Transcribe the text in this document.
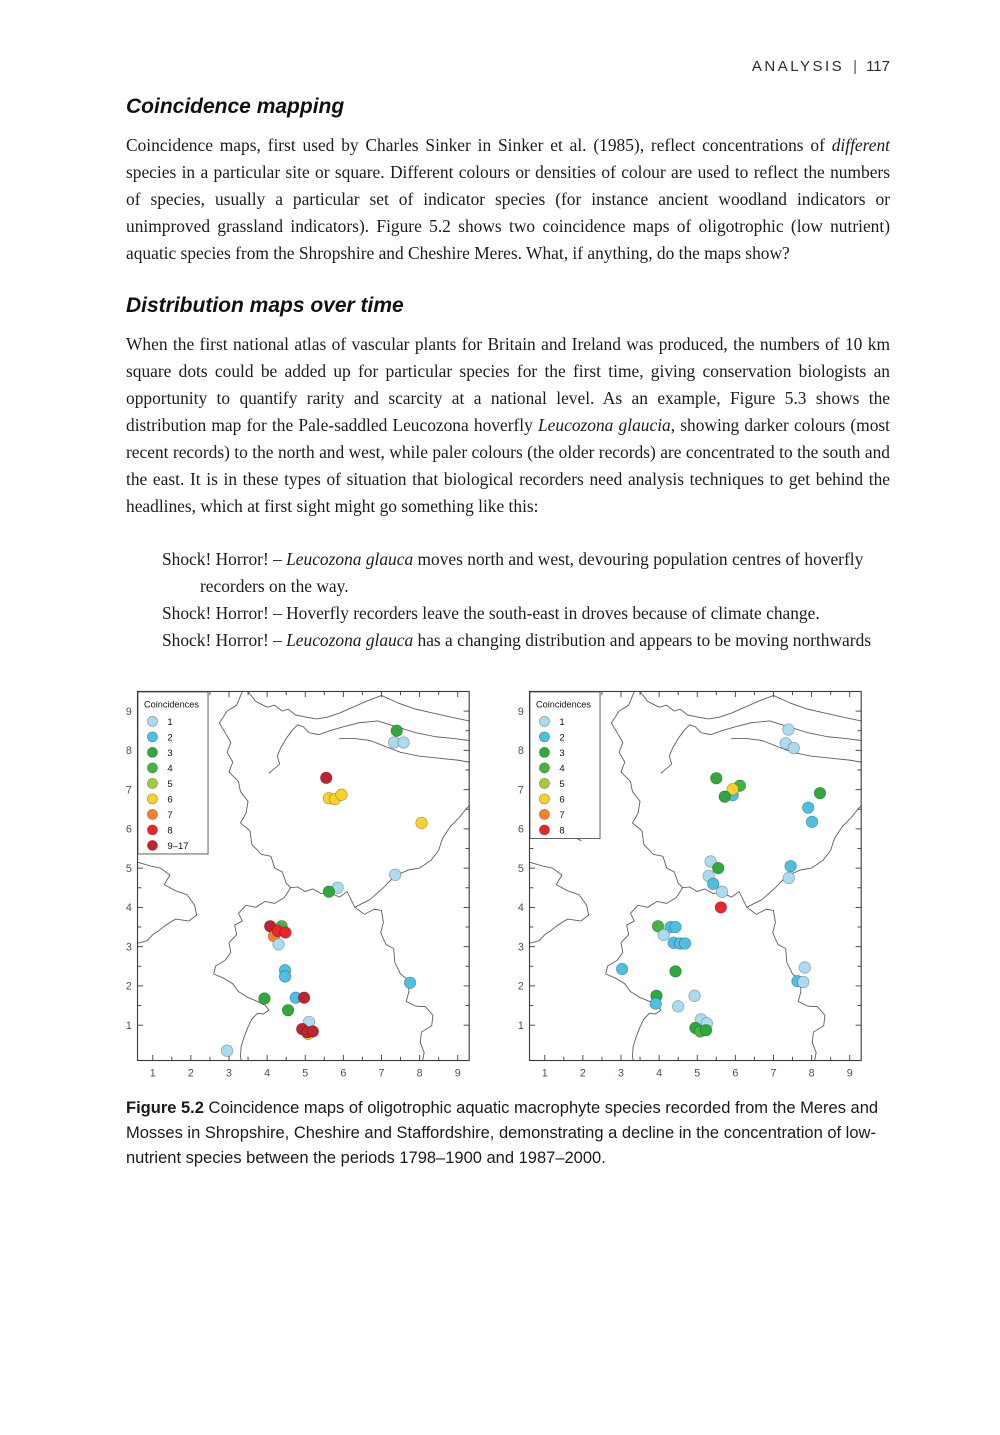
ANALYSIS | 117
Coincidence mapping

Coincidence maps, first used by Charles Sinker in Sinker et al. (1985), reflect concentrations of different species in a particular site or square. Different colours or densities of colour are used to reflect the numbers of species, usually a particular set of indicator species (for instance ancient woodland indicators or unimproved grassland indicators). Figure 5.2 shows two coincidence maps of oligotrophic (low nutrient) aquatic species from the Shropshire and Cheshire Meres. What, if anything, do the maps show?

Distribution maps over time

When the first national atlas of vascular plants for Britain and Ireland was produced, the numbers of 10 km square dots could be added up for particular species for the first time, giving conservation biologists an opportunity to quantify rarity and scarcity at a national level. As an example, Figure 5.3 shows the distribution map for the Pale-saddled Leucozona hoverfly Leucozona glaucia, showing darker colours (most recent records) to the north and west, while paler colours (the older records) are concentrated to the south and the east. It is in these types of situation that biological recorders need analysis techniques to get behind the headlines, which at first sight might go something like this:

Shock! Horror! – Leucozona glauca moves north and west, devouring population centres of hoverfly recorders on the way.
Shock! Horror! – Hoverfly recorders leave the south-east in droves because of climate change.
Shock! Horror! – Leucozona glauca has a changing distribution and appears to be moving northwards
1	2	3	4	5	6	7	8	9
1
2
3
4
5
6
7
8
9
Coincidences
1
2
3
4
5
6
7
8
9–17
1	2	3	4	5	6	7	8	9
1
2
3
4
5
6
7
8
9
Coincidences
1
2
3
4
5
6
7
8
Figure 5.2 Coincidence maps of oligotrophic aquatic macrophyte species recorded from the Meres and Mosses in Shropshire, Cheshire and Staffordshire, demonstrating a decline in the concentration of low-nutrient species between the periods 1798–1900 and 1987–2000.
